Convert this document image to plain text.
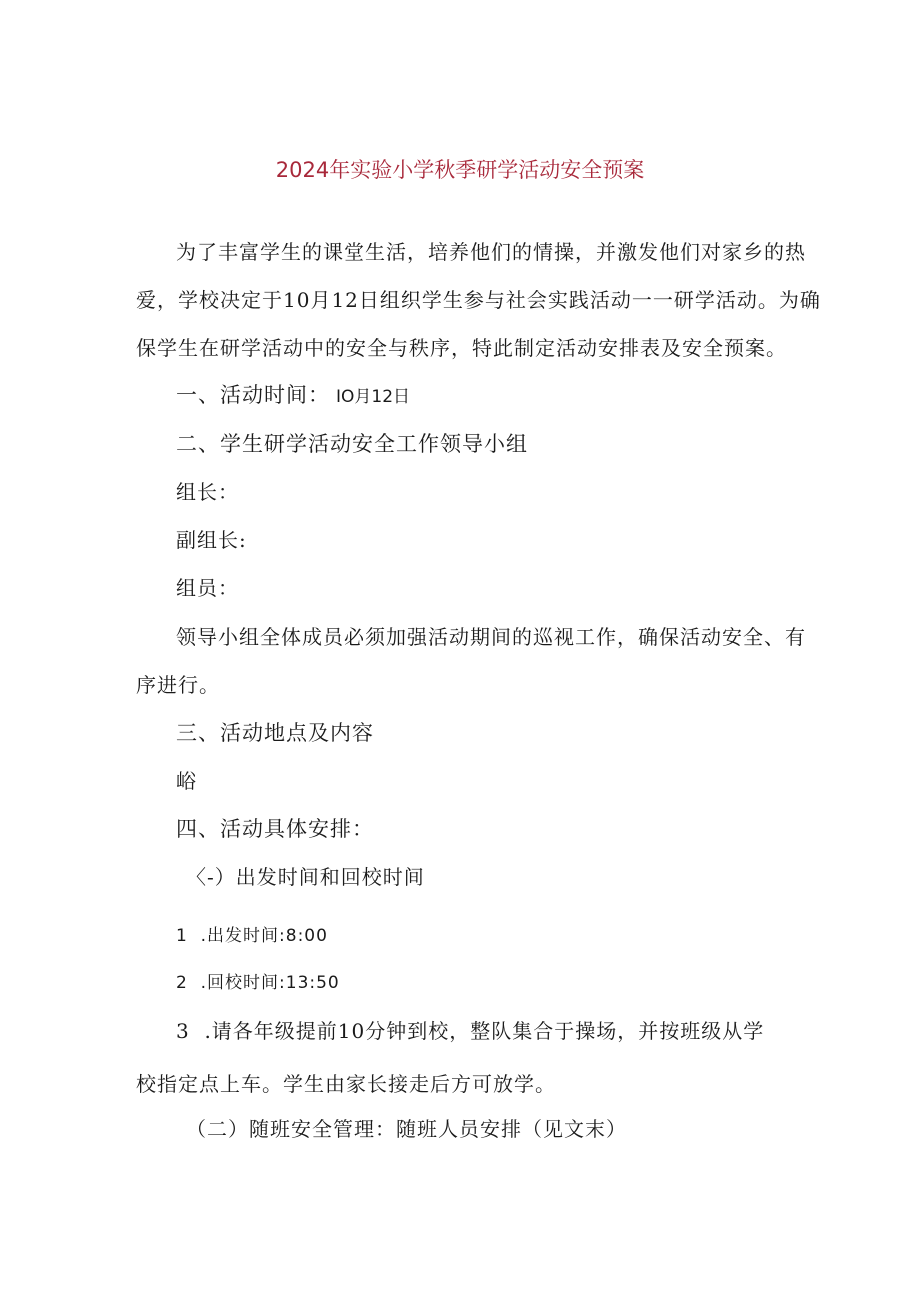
2024年实验小学秋季研学活动安全预案
为了丰富学生的课堂生活，培养他们的情操，并激发他们对家乡的热
爱，学校决定于10月12日组织学生参与社会实践活动一一研学活动。为确
保学生在研学活动中的安全与秩序，特此制定活动安排表及安全预案。
一、活动时间： IO月12日
二、学生研学活动安全工作领导小组
组长：
副组长:
组员：
领导小组全体成员必须加强活动期间的巡视工作，确保活动安全、有
序进行。
三、活动地点及内容
峪
四、活动具体安排：
〈-）出发时间和回校时间
1  .出发时间:8:00
2  .回校时间:13:50
3  .请各年级提前10分钟到校，整队集合于操场，并按班级从学
校指定点上车。学生由家长接走后方可放学。
（二）随班安全管理：随班人员安排（见文末）
